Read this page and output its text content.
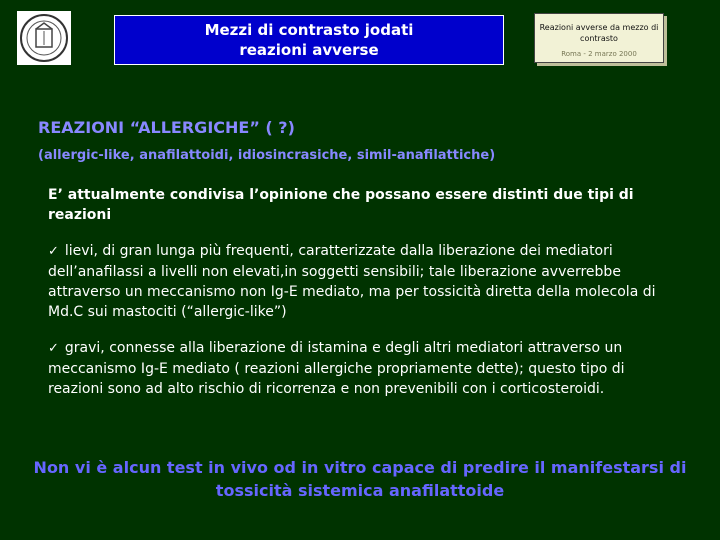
Mezzi di contrasto jodati
reazioni avverse
Reazioni avverse da mezzo di
contrasto
Roma - 2 marzo 2000
REAZIONI “ALLERGICHE” ( ?)
(allergic-like, anafilattoidi, idiosincrasiche, simil-anafilattiche)
E’ attualmente condivisa l’opinione che possano essere distinti due tipi di reazioni
✓ lievi, di gran lunga più frequenti, caratterizzate dalla liberazione dei mediatori dell’anafilassi a livelli non elevati,in soggetti sensibili; tale liberazione avverrebbe attraverso un meccanismo non Ig-E mediato, ma per tossicità diretta della molecola di Md.C sui mastociti (“allergic-like”)
✓ gravi, connesse alla liberazione di istamina e degli altri mediatori attraverso un meccanismo Ig-E mediato ( reazioni allergiche propriamente dette); questo tipo di reazioni sono ad alto rischio di ricorrenza e non prevenibili con i corticosteroidi.
Non vi è alcun test in vivo od in vitro capace di predire il manifestarsi di tossicità sistemica anafilattoide
